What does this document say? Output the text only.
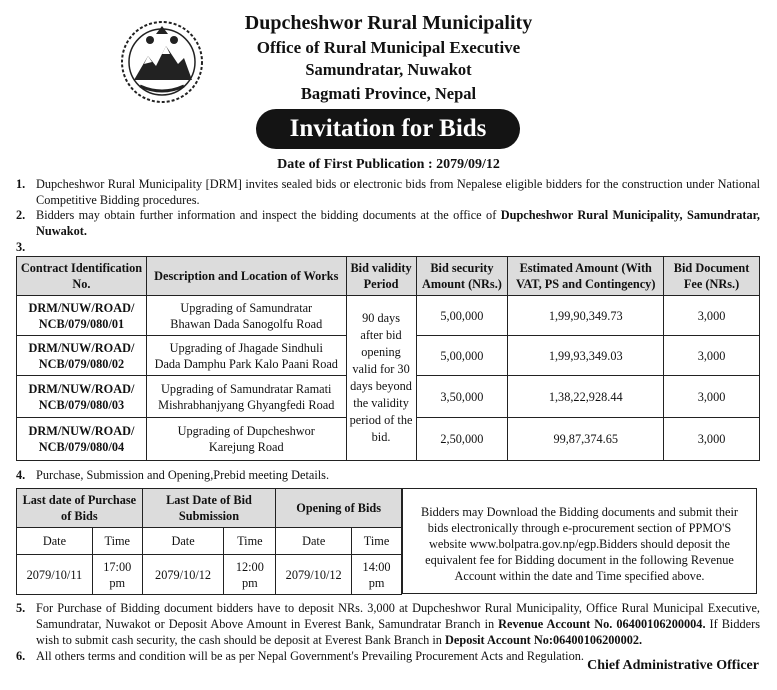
Dupcheshwor Rural Municipality
Office of Rural Municipal Executive
Samundratar, Nuwakot
Bagmati Province, Nepal
Invitation for Bids
Date of First Publication : 2079/09/12
1. Dupcheshwor Rural Municipality [DRM] invites sealed bids or electronic bids from Nepalese eligible bidders for the construction under National Competitive Bidding procedures.
2. Bidders may obtain further information and inspect the bidding documents at the office of Dupcheshwor Rural Municipality, Samundratar, Nuwakot.
3.
Contract Identification No.	Description and Location of Works	Bid validity Period	Bid security Amount (NRs.)	Estimated Amount (With VAT, PS and Contingency)	Bid Document Fee (NRs.)
DRM/NUW/ROAD/
NCB/079/080/01	Upgrading of Samundratar
Bhawan Dada Sanogolfu Road	90 days after bid opening valid for 30 days beyond the validity period of the bid.	5,00,000	1,99,90,349.73	3,000
DRM/NUW/ROAD/
NCB/079/080/02	Upgrading of Jhagade Sindhuli
Dada Damphu Park Kalo Paani Road		5,00,000	1,99,93,349.03	3,000
DRM/NUW/ROAD/
NCB/079/080/03	Upgrading of Samundratar Ramati
Mishrabhanjyang Ghyangfedi Road		3,50,000	1,38,22,928.44	3,000
DRM/NUW/ROAD/
NCB/079/080/04	Upgrading of Dupcheshwor
Karejung Road		2,50,000	99,87,374.65	3,000
4. Purchase, Submission and Opening,Prebid meeting Details.
Last date of Purchase of Bids		Last Date of Bid Submission		Opening of Bids	
Date	Time	Date	Time	Date	Time
2079/10/11	17:00 pm	2079/10/12	12:00 pm	2079/10/12	14:00 pm
Bidders may Download the Bidding documents and submit their bids electronically through e-procurement section of PPMO'S website www.bolpatra.gov.np/egp.Bidders should deposit the equivalent fee for Bidding document in the following Revenue Account within the date and Time specified above.
5. For Purchase of Bidding document bidders have to deposit NRs. 3,000 at Dupcheshwor Rural Municipality, Office Rural Municipal Executive, Samundratar, Nuwakot or Deposit Above Amount in Everest Bank, Samundratar Branch in Revenue Account No. 06400106200004. If Bidders wish to submit cash security, the cash should be deposit at Everest Bank Branch in Deposit Account No:06400106200002.
6. All others terms and condition will be as per Nepal Government's Prevailing Procurement Acts and Regulation.
Chief Administrative Officer
